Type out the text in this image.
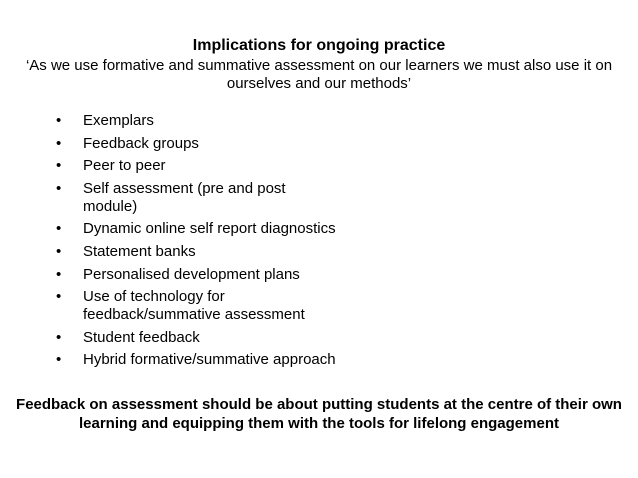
Implications for ongoing practice
‘As we use formative and summative assessment on our learners we must also use it on ourselves and our methods’
• Exemplars
• Feedback groups
• Peer to peer
• Self assessment (pre and post module)
• Dynamic online self report diagnostics
• Statement banks
• Personalised development plans
• Use of technology for feedback/summative assessment
• Student feedback
• Hybrid formative/summative approach
Feedback on assessment should be about putting students at the centre of their own learning and equipping them with the tools for lifelong engagement
